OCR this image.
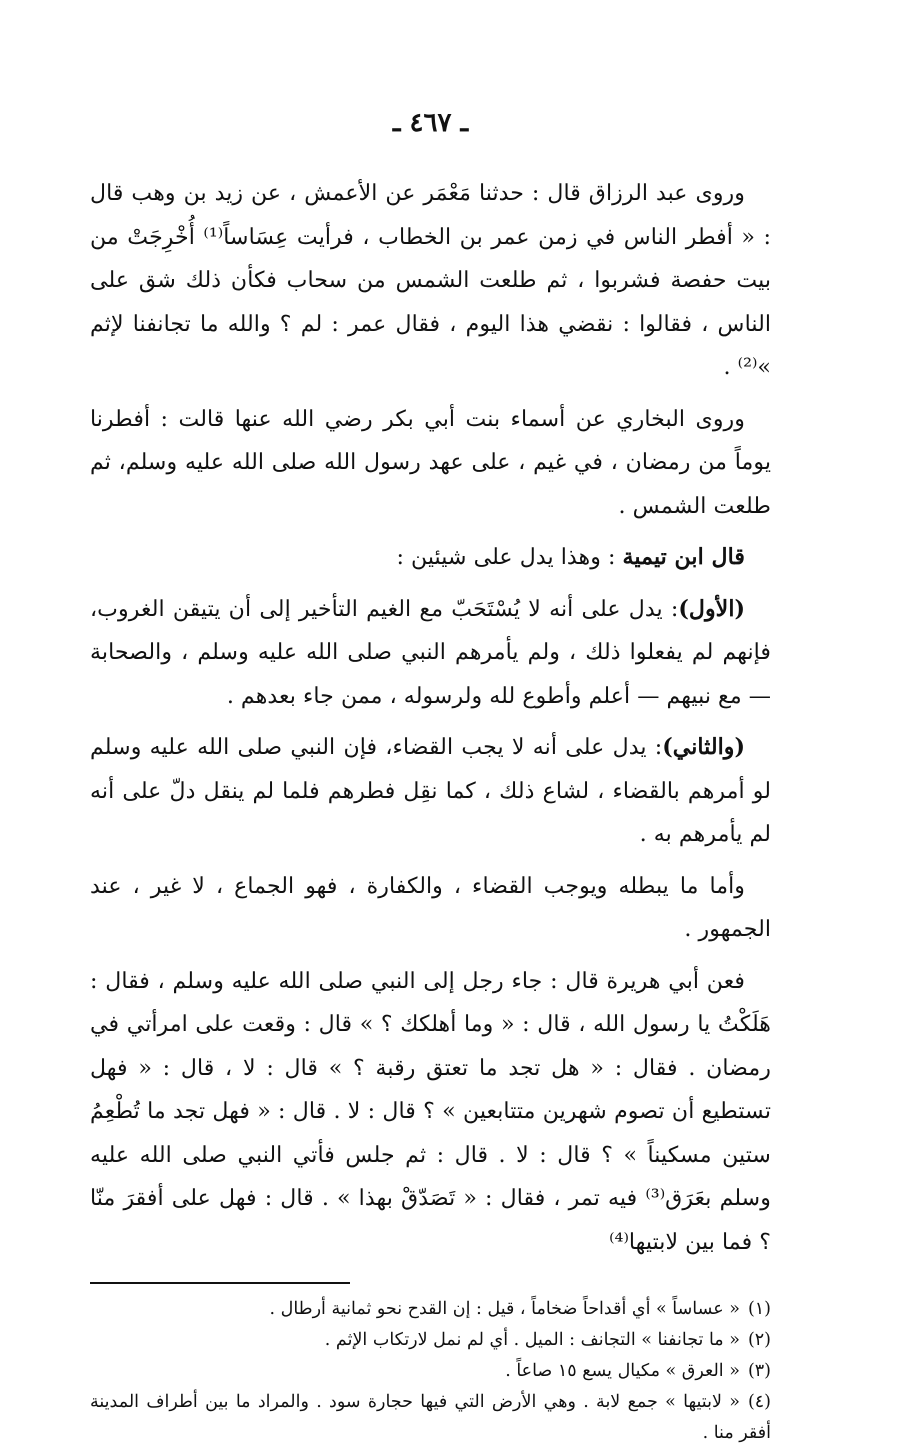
ـ ٤٦٧ ـ

وروى عبد الرزاق قال : حدثنا مَعْمَر عن الأعمش ، عن زيد بن وهب قال : « أفطر الناس في زمن عمر بن الخطاب ، فرأيت عِسَاساً⁽¹⁾ أُخْرِجَتْ من بيت حفصة فشربوا ، ثم طلعت الشمس من سحاب فكأن ذلك شق على الناس ، فقالوا : نقضي هذا اليوم ، فقال عمر : لم ؟ والله ما تجانفنا لإثم »⁽²⁾ .

وروى البخاري عن أسماء بنت أبي بكر رضي الله عنها قالت : أفطرنا يوماً من رمضان ، في غيم ، على عهد رسول الله صلى الله عليه وسلم، ثم طلعت الشمس .

قال ابن تيمية : وهذا يدل على شيئين :

(الأول): يدل على أنه لا يُسْتَحَبّ مع الغيم التأخير إلى أن يتيقن الغروب، فإنهم لم يفعلوا ذلك ، ولم يأمرهم النبي صلى الله عليه وسلم ، والصحابة — مع نبيهم — أعلم وأطوع لله ولرسوله ، ممن جاء بعدهم .

(والثاني): يدل على أنه لا يجب القضاء، فإن النبي صلى الله عليه وسلم لو أمرهم بالقضاء ، لشاع ذلك ، كما نقِل فطرهم فلما لم ينقل دلّ على أنه لم يأمرهم به .

وأما ما يبطله ويوجب القضاء ، والكفارة ، فهو الجماع ، لا غير ، عند الجمهور .

فعن أبي هريرة قال : جاء رجل إلى النبي صلى الله عليه وسلم ، فقال : هَلَكْتُ يا رسول الله ، قال : « وما أهلكك ؟ » قال : وقعت على امرأتي في رمضان . فقال : « هل تجد ما تعتق رقبة ؟ » قال : لا ، قال : « فهل تستطيع أن تصوم شهرين متتابعين » ؟ قال : لا . قال : « فهل تجد ما تُطْعِمُ ستين مسكيناً » ؟ قال : لا . قال : ثم جلس فأتي النبي صلى الله عليه وسلم بعَرَق⁽³⁾ فيه تمر ، فقال : « تَصَدّقْ بهذا » . قال : فهل على أفقرَ منّا ؟ فما بين لابتيها⁽⁴⁾

(١)« عساساً » أي أقداحاً ضخاماً ، قيل : إن القدح نحو ثمانية أرطال .

(٢)« ما تجانفنا » التجانف : الميل . أي لم نمل لارتكاب الإثم .

(٣)« العرق » مكيال يسع ١٥ صاعاً .

(٤)« لابتيها » جمع لابة . وهي الأرض التي فيها حجارة سود . والمراد ما بين أطراف المدينة أفقر منا .
